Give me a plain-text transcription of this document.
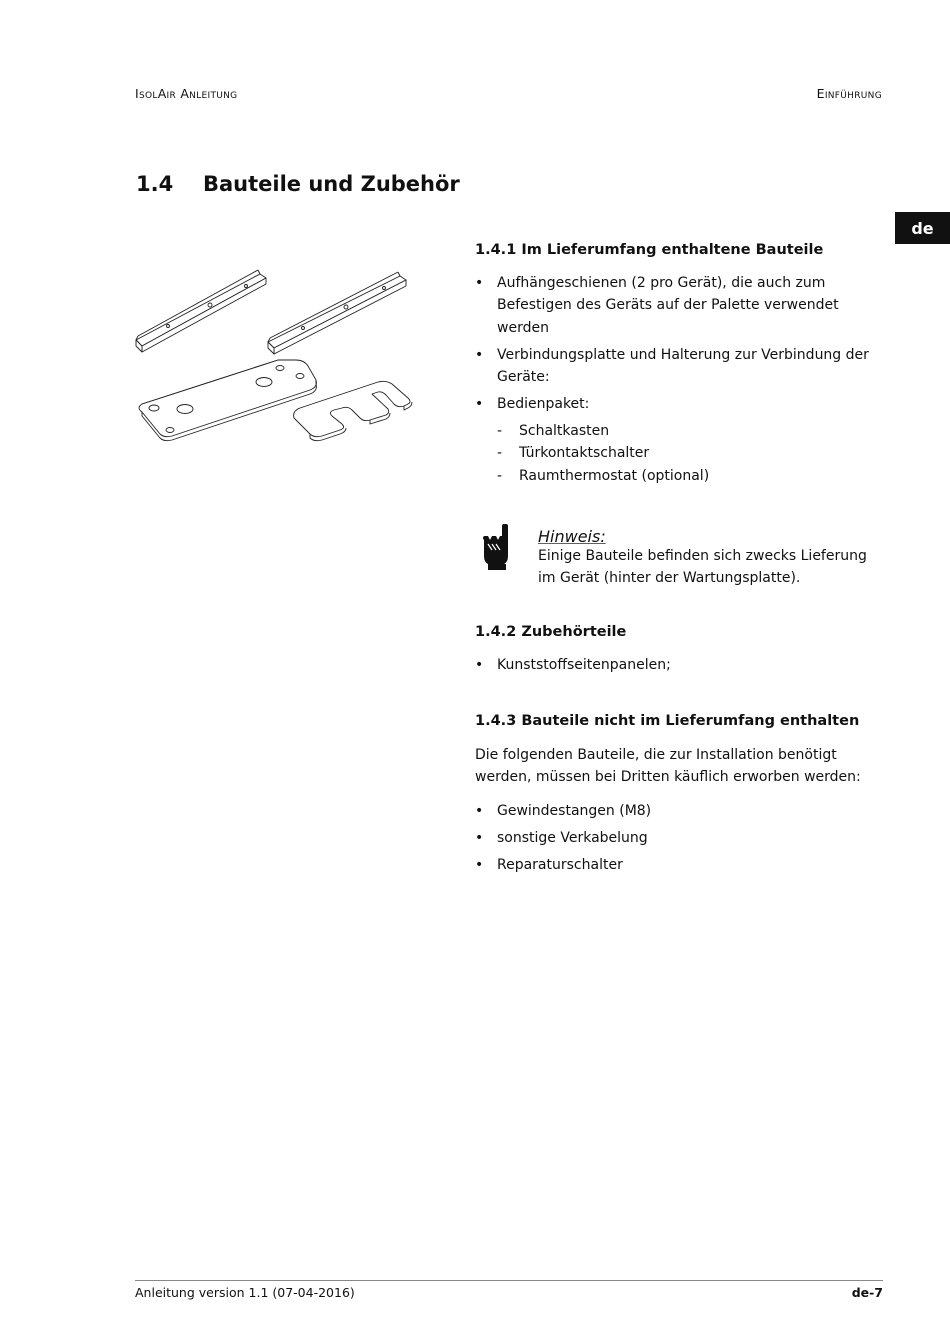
IsolAir Anleitung	Einführung
de
1.4 Bauteile und Zubehör
1.4.1 Im Lieferumfang enthaltene Bauteile
• Aufhängeschienen (2 pro Gerät), die auch zum Befestigen des Geräts auf der Palette verwendet werden
• Verbindungsplatte und Halterung zur Verbindung der Geräte:
• Bedienpaket:
- Schaltkasten
- Türkontaktschalter
- Raumthermostat (optional)
Hinweis:
Einige Bauteile befinden sich zwecks Lieferung im Gerät (hinter der Wartungsplatte).
1.4.2 Zubehörteile
• Kunststoffseitenpanelen;
1.4.3 Bauteile nicht im Lieferumfang enthalten

Die folgenden Bauteile, die zur Installation benötigt werden, müssen bei Dritten käuflich erworben werden:

• Gewindestangen (M8)
• sonstige Verkabelung
• Reparaturschalter
Anleitung version 1.1 (07-04-2016)	de-7
